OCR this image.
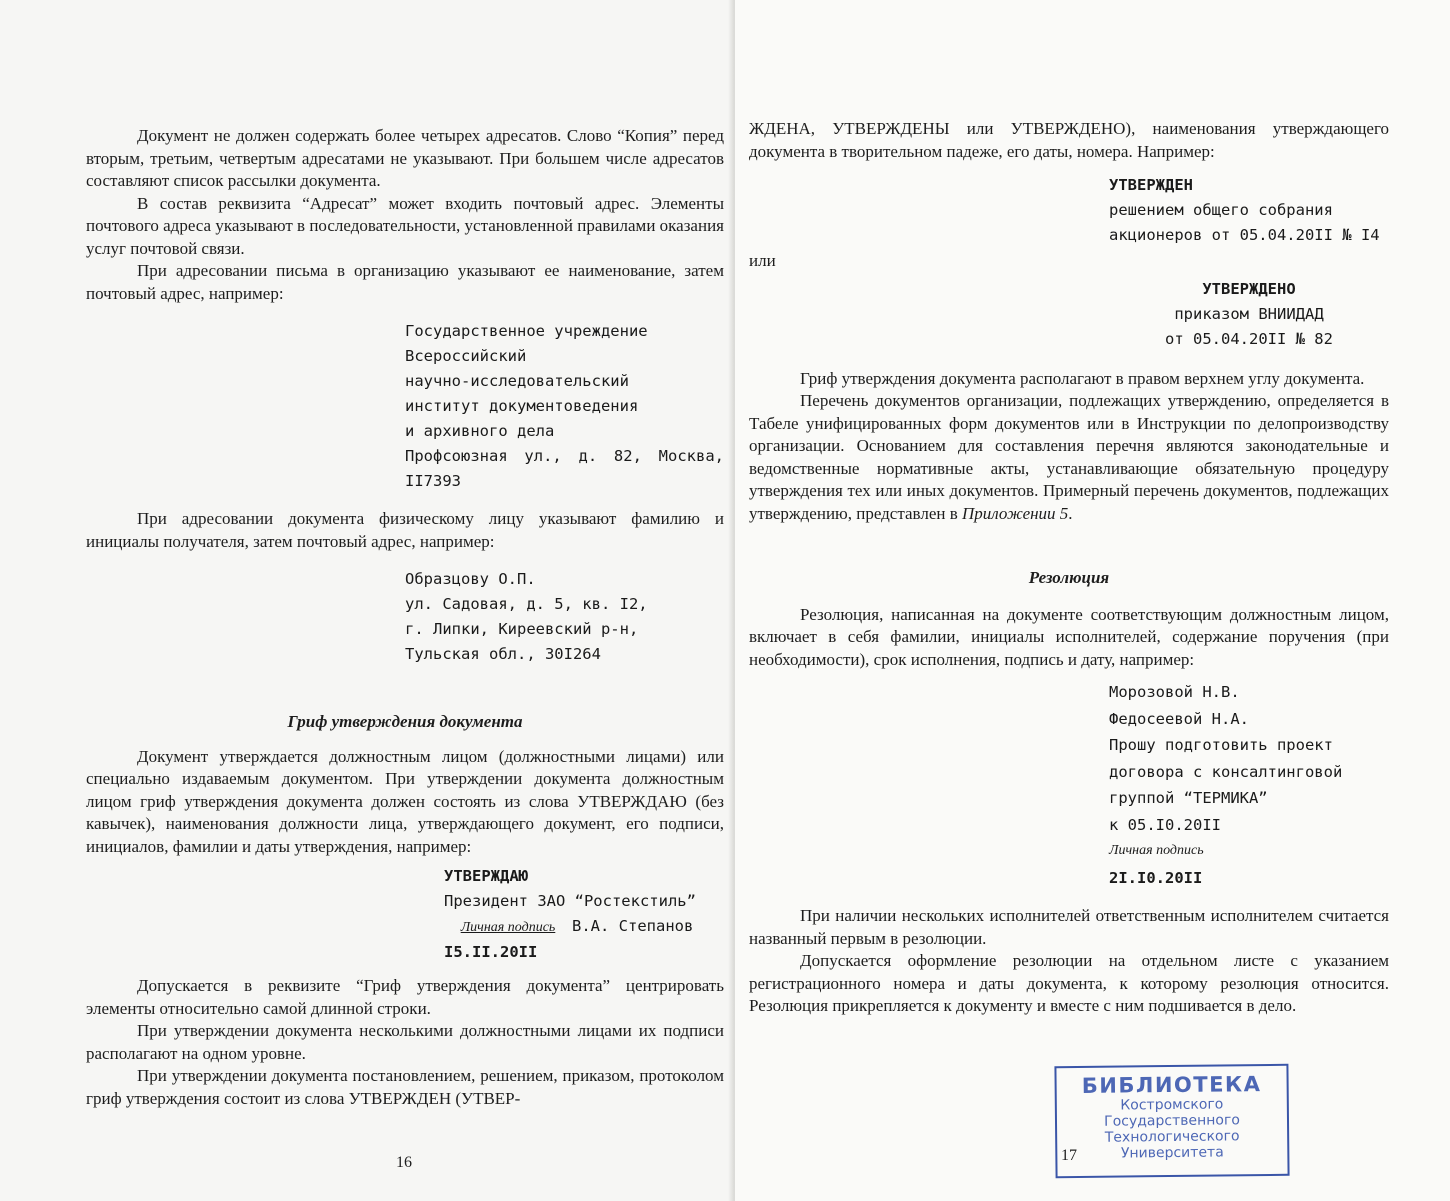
Документ не должен содержать более четырех адресатов. Слово “Копия” перед вторым, третьим, четвертым адресатами не указывают. При большем числе адресатов составляют список рассылки документа.

В состав реквизита “Адресат” может входить почтовый адрес. Элементы почтового адреса указывают в последовательности, установленной правилами оказания услуг почтовой связи.

При адресовании письма в организацию указывают ее наименование, затем почтовый адрес, например:

Государственное учреждение
Всероссийский
научно-исследовательский
институт документоведения
и архивного дела
Профсоюзная ул., д. 82, Москва,
II7393

При адресовании документа физическому лицу указывают фамилию и инициалы получателя, затем почтовый адрес, например:

Образцову О.П.
ул. Садовая, д. 5, кв. I2,
г. Липки, Киреевский р-н,
Тульская обл., 30I264
Гриф утверждения документа

Документ утверждается должностным лицом (должностными лицами) или специально издаваемым документом. При утверждении документа должностным лицом гриф утверждения документа должен состоять из слова УТВЕРЖДАЮ (без кавычек), наименования должности лица, утверждающего документ, его подписи, инициалов, фамилии и даты утверждения, например:

УТВЕРЖДАЮ
Президент ЗАО “Ростекстиль”
Личная подпись В.А. Степанов
I5.II.20II

Допускается в реквизите “Гриф утверждения документа” центрировать элементы относительно самой длинной строки.

При утверждении документа несколькими должностными лицами их подписи располагают на одном уровне.

При утверждении документа постановлением, решением, приказом, протоколом гриф утверждения состоит из слова УТВЕРЖДЕН (УТВЕР-

16

ЖДЕНА, УТВЕРЖДЕНЫ или УТВЕРЖДЕНО), наименования утверждающего документа в творительном падеже, его даты, номера. Например:

УТВЕРЖДЕН
решением общего собрания
акционеров от 05.04.20II № I4

или

УТВЕРЖДЕНО
приказом ВНИИДАД
от 05.04.20II № 82

Гриф утверждения документа располагают в правом верхнем углу документа.

Перечень документов организации, подлежащих утверждению, определяется в Табеле унифицированных форм документов или в Инструкции по делопроизводству организации. Основанием для составления перечня являются законодательные и ведомственные нормативные акты, устанавливающие обязательную процедуру утверждения тех или иных документов. Примерный перечень документов, подлежащих утверждению, представлен в Приложении 5.

Резолюция

Резолюция, написанная на документе соответствующим должностным лицом, включает в себя фамилии, инициалы исполнителей, содержание поручения (при необходимости), срок исполнения, подпись и дату, например:

Морозовой Н.В.
Федосеевой Н.А.
Прошу подготовить проект
договора с консалтинговой
группой “ТЕРМИКА”
к 05.I0.20II
Личная подпись
2I.I0.20II

При наличии нескольких исполнителей ответственным исполнителем считается названный первым в резолюции.

Допускается оформление резолюции на отдельном листе с указанием регистрационного номера и даты документа, к которому резолюция относится. Резолюция прикрепляется к документу и вместе с ним подшивается в дело.

17
БИБЛИОТЕКА
Костромского
Государственного
Технологического
Университета
